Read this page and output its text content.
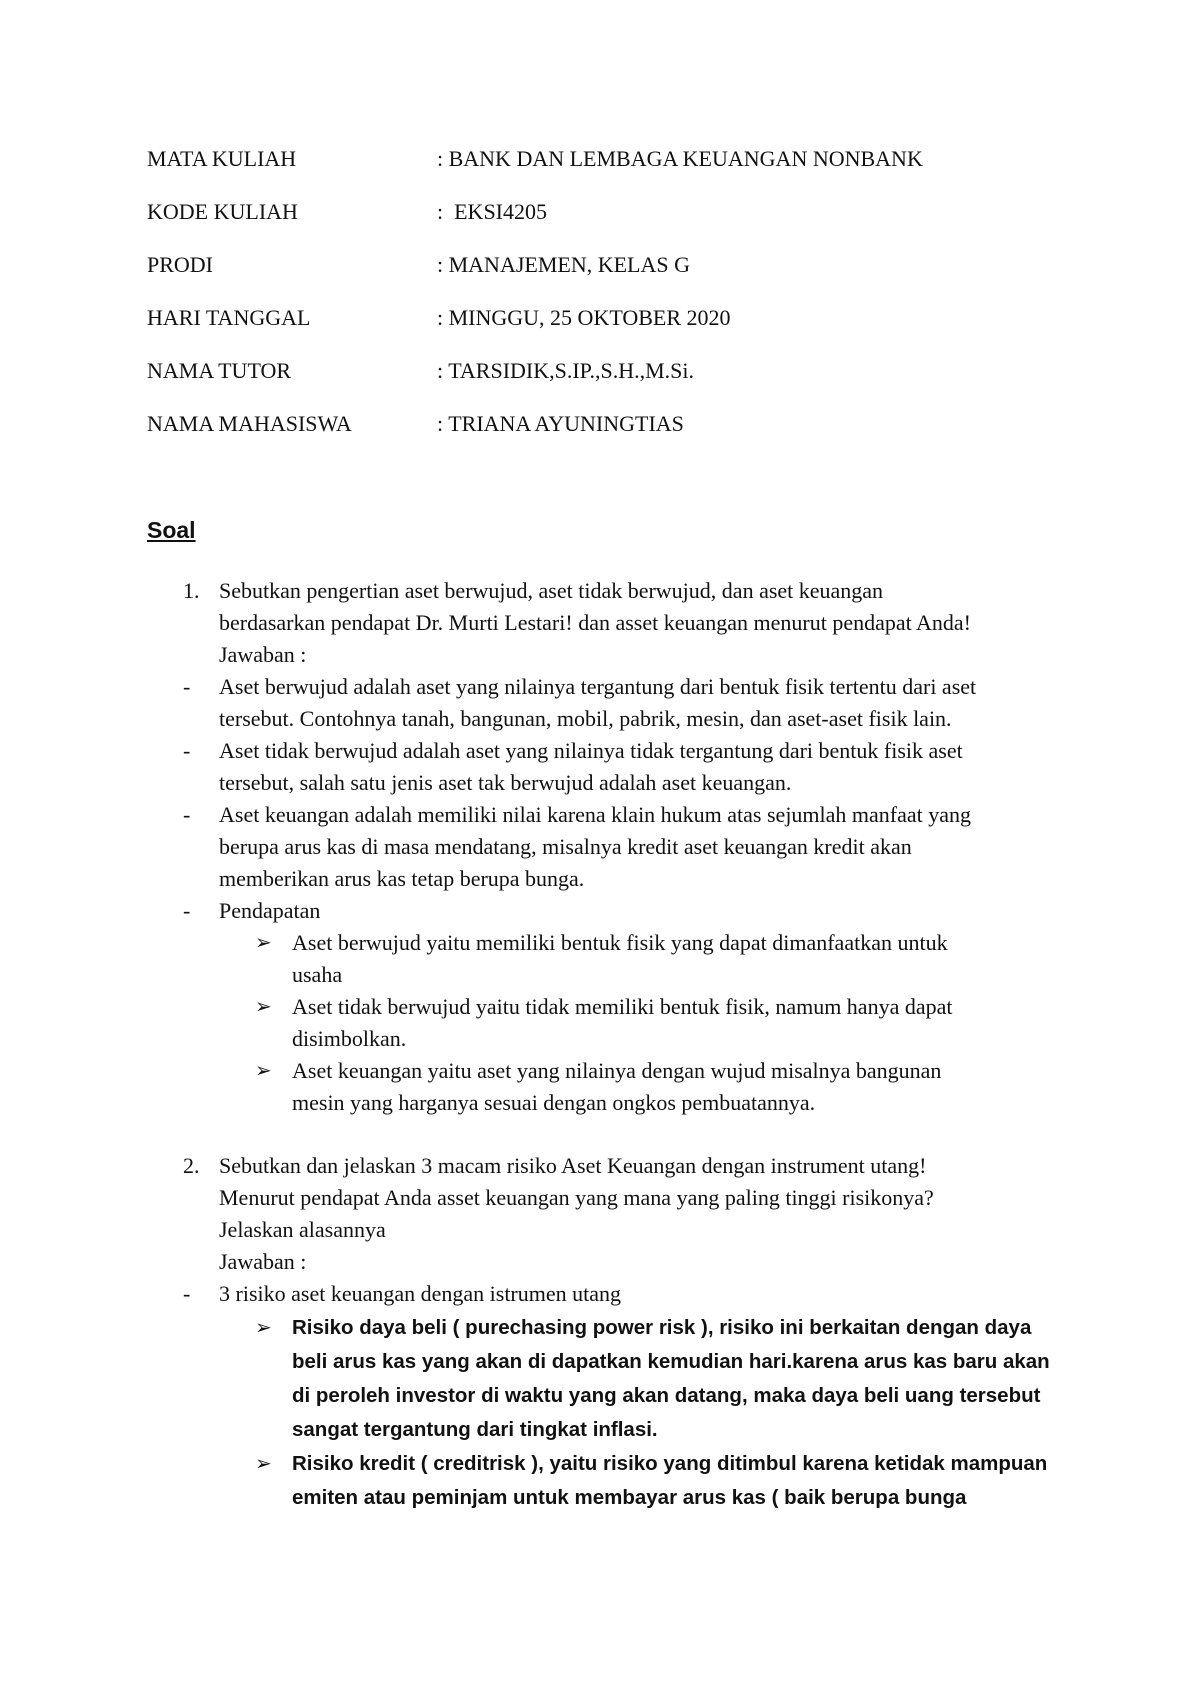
MATA KULIAH	: BANK DAN LEMBAGA KEUANGAN NONBANK
KODE KULIAH	:  EKSI4205
PRODI	: MANAJEMEN, KELAS G
HARI TANGGAL	: MINGGU, 25 OKTOBER 2020
NAMA TUTOR	: TARSIDIK,S.IP.,S.H.,M.Si.
NAMA MAHASISWA	: TRIANA AYUNINGTIAS
Soal
1. Sebutkan pengertian aset berwujud, aset tidak berwujud, dan aset keuangan
berdasarkan pendapat Dr. Murti Lestari! dan asset keuangan menurut pendapat Anda!
Jawaban :
- Aset berwujud adalah aset yang nilainya tergantung dari bentuk fisik tertentu dari aset
tersebut. Contohnya tanah, bangunan, mobil, pabrik, mesin, dan aset-aset fisik lain.
- Aset tidak berwujud adalah aset yang nilainya tidak tergantung dari bentuk fisik aset
tersebut, salah satu jenis aset tak berwujud adalah aset keuangan.
- Aset keuangan adalah memiliki nilai karena klain hukum atas sejumlah manfaat yang
berupa arus kas di masa mendatang, misalnya kredit aset keuangan kredit akan
memberikan arus kas tetap berupa bunga.
- Pendapatan
➢ Aset berwujud yaitu memiliki bentuk fisik yang dapat dimanfaatkan untuk
usaha
➢ Aset tidak berwujud yaitu tidak memiliki bentuk fisik, namum hanya dapat
disimbolkan.
➢ Aset keuangan yaitu aset yang nilainya dengan wujud misalnya bangunan
mesin yang harganya sesuai dengan ongkos pembuatannya.
2. Sebutkan dan jelaskan 3 macam risiko Aset Keuangan dengan instrument utang!
Menurut pendapat Anda asset keuangan yang mana yang paling tinggi risikonya?
Jelaskan alasannya
Jawaban :
- 3 risiko aset keuangan dengan istrumen utang
➢ Risiko daya beli ( purechasing power risk ), risiko ini berkaitan dengan daya
beli arus kas yang akan di dapatkan kemudian hari.karena arus kas baru akan
di peroleh investor di waktu yang akan datang, maka daya beli uang tersebut
sangat tergantung dari tingkat inflasi.
➢ Risiko kredit ( creditrisk ), yaitu risiko yang ditimbul karena ketidak mampuan
emiten atau peminjam untuk membayar arus kas ( baik berupa bunga
